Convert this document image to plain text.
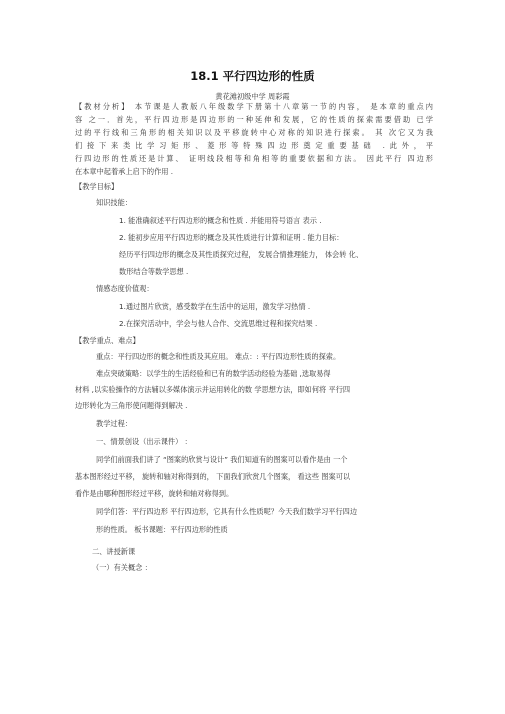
18.1 平行四边形的性质
黄花滩初级中学 周彩霞
【教材分析】 本节课是人教版八年级数学下册第十八章第一节的内容， 是本章的重点内
容 之一．首先，平行四边形是四边形的一种延伸和发展，它的性质的探索需要借助 已学
过的平行线和三角形的相关知识以及平移旋转中心对称的知识进行探索。 其 次它又为我
们接下来类比学习矩形、菱形等特殊四边形奠定重要基础 .此外，平
行四边形的性质还是计算、 证明线段相等和角相等的重要依据和方法。 因此平行 四边形
在本章中起着承上启下的作用 .
【教学目标】
知识技能：
1. 能准确叙述平行四边形的概念和性质 . 并能用符号语言 表示 .
2. 能初步应用平行四边形的概念及其性质进行计算和证明 . 能力目标：
经历平行四边形的概念及其性质探究过程， 发展合情推理能力， 体会转 化、
数形结合等数学思想 .
情感态度价值观：
1.通过图片欣赏，感受数学在生活中的运用，激发学习热情 .
2.在探究活动中，学会与他人合作、交流思维过程和探究结果 .
【教学重点、难点】
重点：平行四边形的概念和性质及其应用。 难点：: 平行四边形性质的探索。
难点突破策略：以学生的生活经验和已有的数学活动经验为基础 ,选取易得
材料 ,以实验操作的方法辅以多媒体演示并运用转化的数 学思想方法，即如何将 平行四
边形转化为三角形使问题得到解决 .
教学过程：
一、情景创设（出示课件） ：
同学们前面我们讲了 “图案的欣赏与设计” 我们知道有的图案可以看作是由 一个
基本图形经过平移， 旋转和轴对称得到的， 下面我们欣赏几个图案， 看这些 图案可以
看作是由哪种图形经过平移，旋转和轴对称得到。
同学们答：平行四边形 平行四边形，它具有什么性质呢？今天我们数学习平行四边
形的性质。 板书课题：平行四边形的性质
二、讲授新课
（一）有关概念 ：
